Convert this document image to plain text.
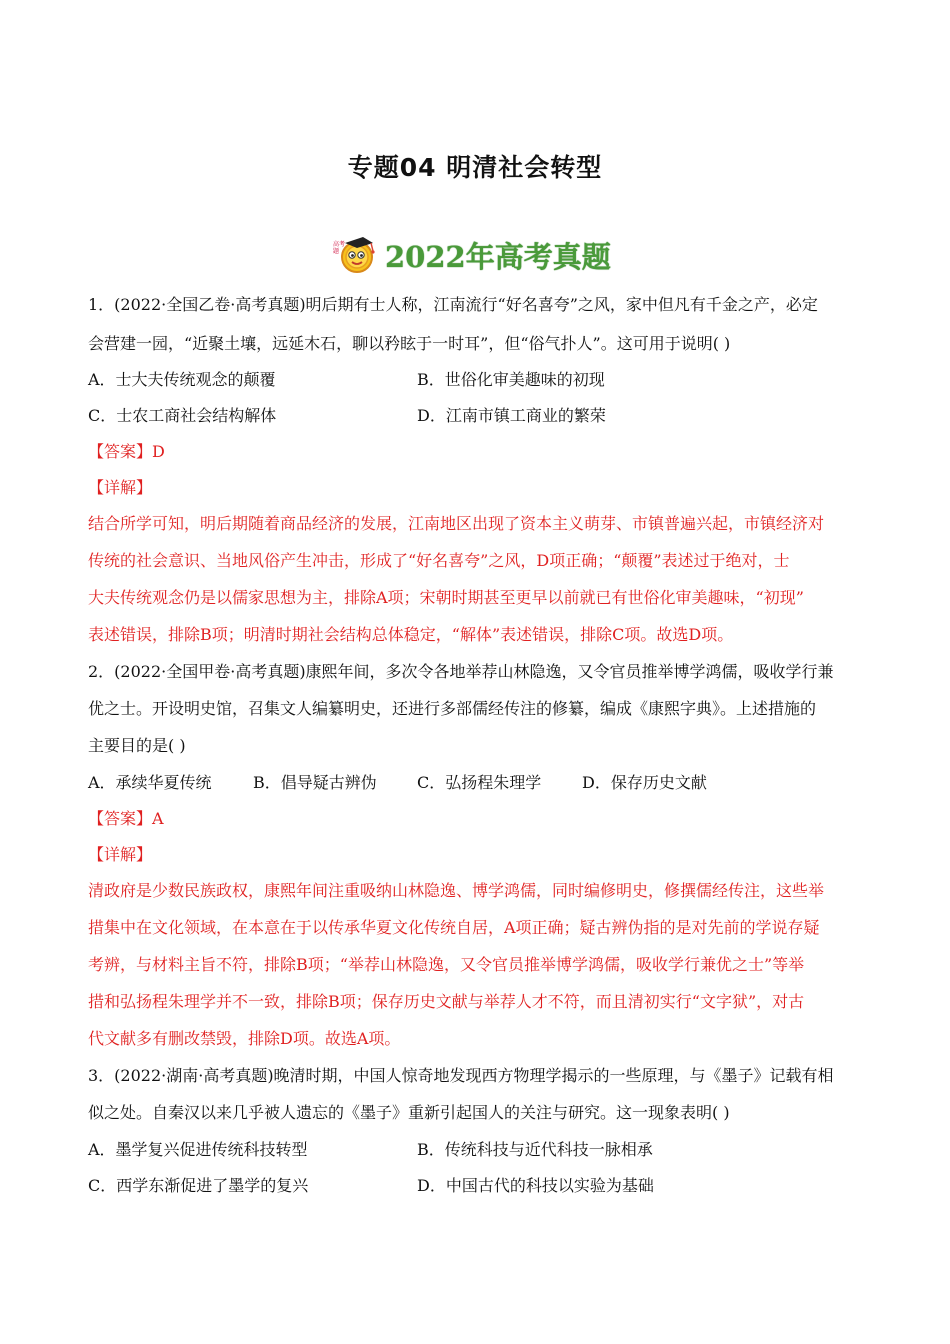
专题04 明清社会转型
高考题 2022年高考真题
1．(2022·全国乙卷·高考真题)明后期有士人称，江南流行“好名喜夸”之风，家中但凡有千金之产，必定
会营建一园，“近聚土壤，远延木石，聊以矜眩于一时耳”，但“俗气扑人”。这可用于说明( )
A．士大夫传统观念的颠覆	B．世俗化审美趣味的初现
C．士农工商社会结构解体	D．江南市镇工商业的繁荣
【答案】D
【详解】
结合所学可知，明后期随着商品经济的发展，江南地区出现了资本主义萌芽、市镇普遍兴起，市镇经济对
传统的社会意识、当地风俗产生冲击，形成了“好名喜夸”之风，D项正确；“颠覆”表述过于绝对，士
大夫传统观念仍是以儒家思想为主，排除A项；宋朝时期甚至更早以前就已有世俗化审美趣味，“初现”
表述错误，排除B项；明清时期社会结构总体稳定，“解体”表述错误，排除C项。故选D项。
2．(2022·全国甲卷·高考真题)康熙年间，多次令各地举荐山林隐逸，又令官员推举博学鸿儒，吸收学行兼
优之士。开设明史馆，召集文人编纂明史，还进行多部儒经传注的修纂，编成《康熙字典》。上述措施的
主要目的是( )
A．承续华夏传统	B．倡导疑古辨伪	C．弘扬程朱理学	D．保存历史文献
【答案】A
【详解】
清政府是少数民族政权，康熙年间注重吸纳山林隐逸、博学鸿儒，同时编修明史，修撰儒经传注，这些举
措集中在文化领域，在本意在于以传承华夏文化传统自居，A项正确；疑古辨伪指的是对先前的学说存疑
考辨，与材料主旨不符，排除B项；“举荐山林隐逸，又令官员推举博学鸿儒，吸收学行兼优之士”等举
措和弘扬程朱理学并不一致，排除B项；保存历史文献与举荐人才不符，而且清初实行“文字狱”，对古
代文献多有删改禁毁，排除D项。故选A项。
3．(2022·湖南·高考真题)晚清时期，中国人惊奇地发现西方物理学揭示的一些原理，与《墨子》记载有相
似之处。自秦汉以来几乎被人遗忘的《墨子》重新引起国人的关注与研究。这一现象表明( )
A．墨学复兴促进传统科技转型	B．传统科技与近代科技一脉相承
C．西学东渐促进了墨学的复兴	D．中国古代的科技以实验为基础
